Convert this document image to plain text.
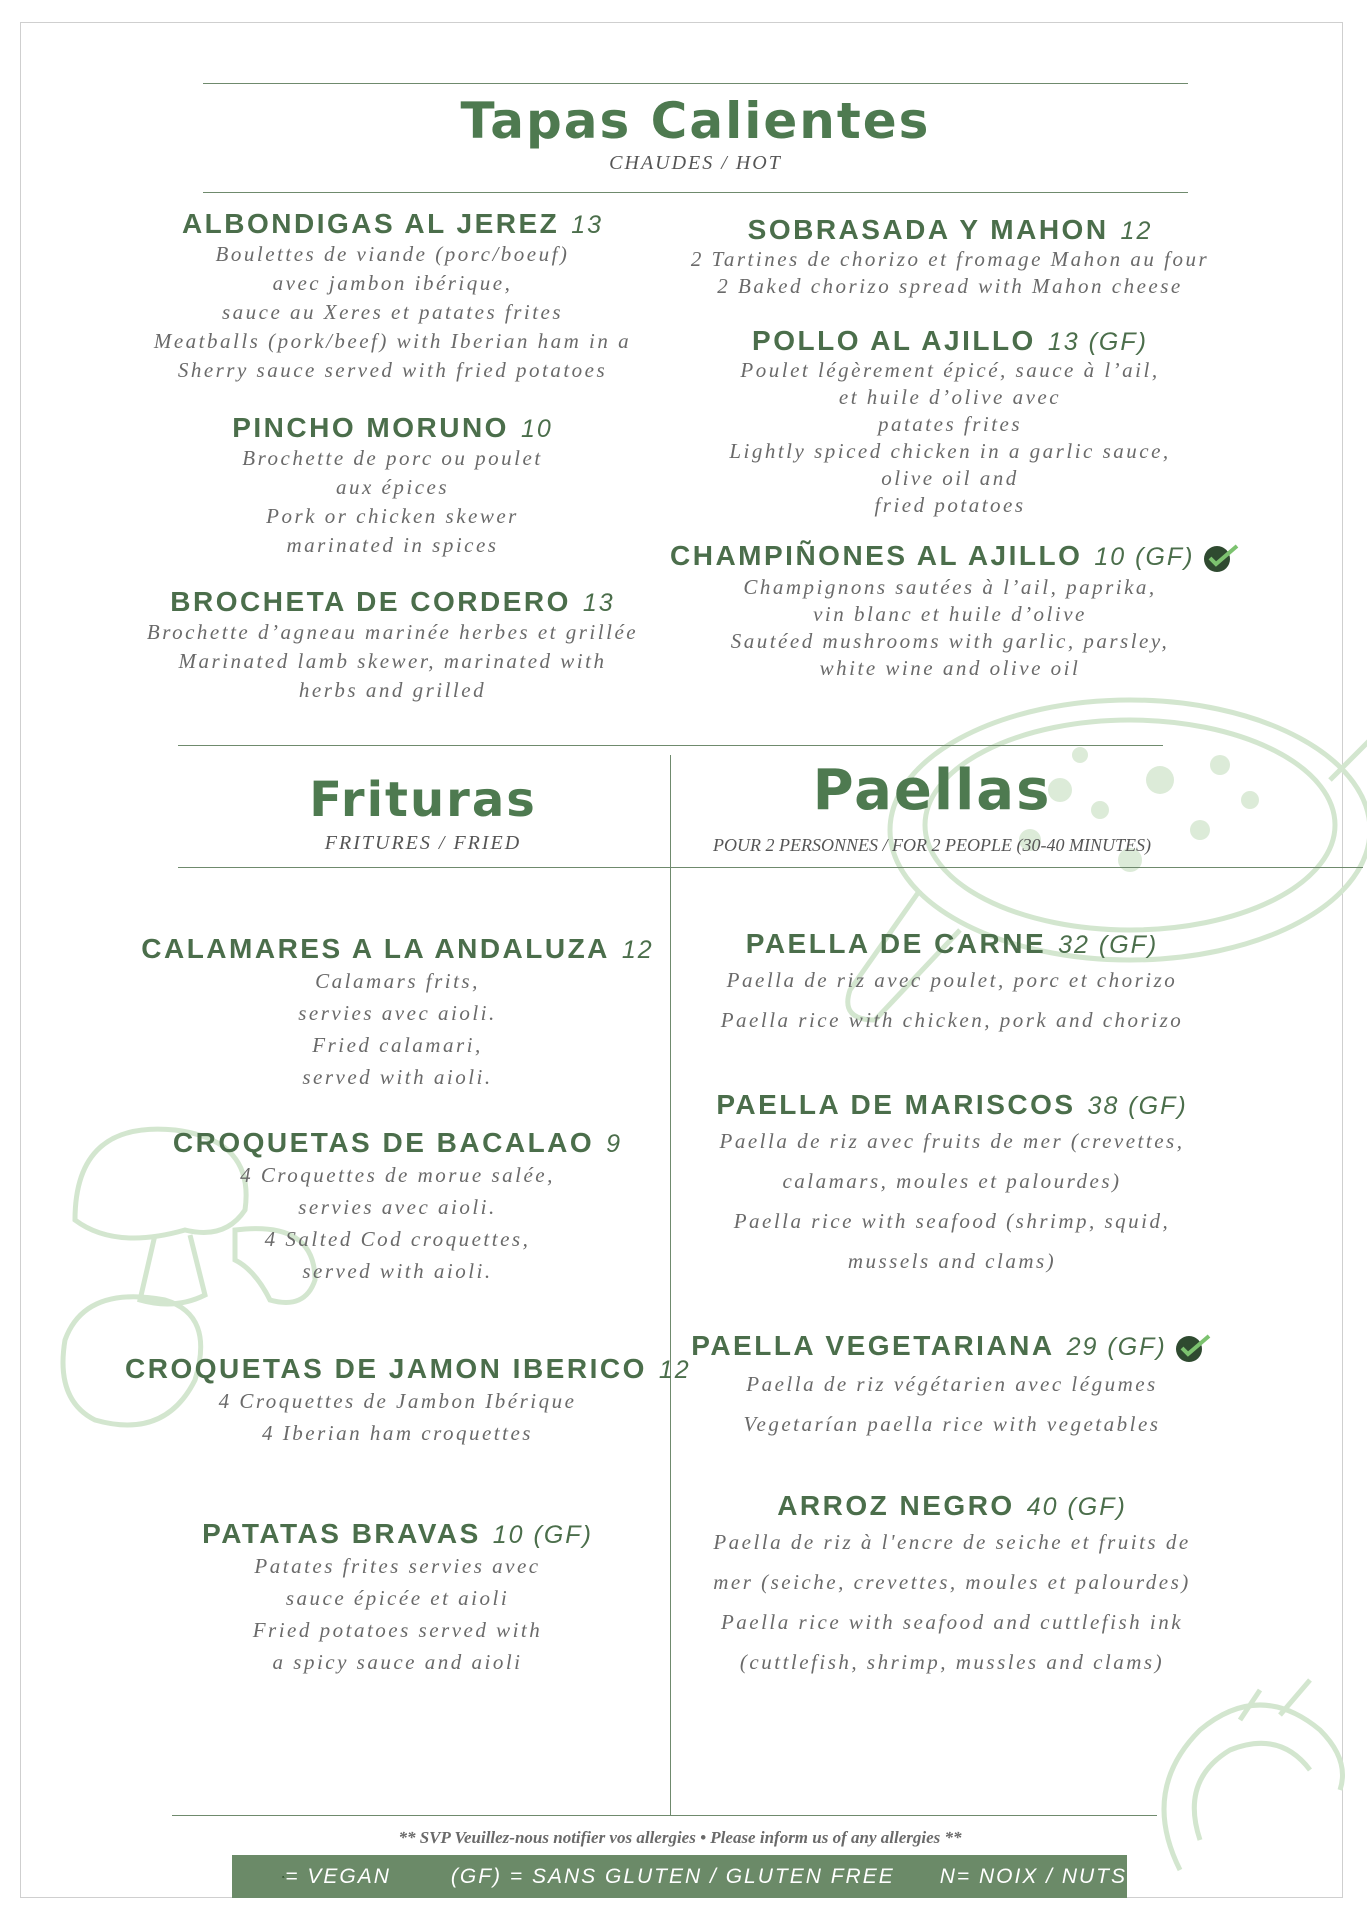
Tapas Calientes
CHAUDES / HOT
ALBONDIGAS AL JEREZ 13
Boulettes de viande (porc/boeuf)
avec jambon ibérique,
sauce au Xeres et patates frites
Meatballs (pork/beef) with Iberian ham in a
Sherry sauce served with fried potatoes
PINCHO MORUNO 10
Brochette de porc ou poulet
aux épices
Pork or chicken skewer
marinated in spices
BROCHETA DE CORDERO 13
Brochette d’agneau marinée herbes et grillée
Marinated lamb skewer, marinated with
herbs and grilled
SOBRASADA Y MAHON 12
2 Tartines de chorizo et fromage Mahon au four
2 Baked chorizo spread with Mahon cheese
POLLO AL AJILLO 13 (GF)
Poulet légèrement épicé, sauce à l’ail,
et huile d’olive avec
patates frites
Lightly spiced chicken in a garlic sauce,
olive oil and
fried potatoes
CHAMPIÑONES AL AJILLO 10 (GF)
Champignons sautées à l’ail, paprika,
vin blanc et huile d’olive
Sautéed mushrooms with garlic, parsley,
white wine and olive oil
Frituras
FRITURES / FRIED
Paellas
POUR 2 PERSONNES / FOR 2 PEOPLE (30-40 MINUTES)
CALAMARES A LA ANDALUZA 12
Calamars frits,
servies avec aioli.
Fried calamari,
served with aioli.
CROQUETAS DE BACALAO 9
4 Croquettes de morue salée,
servies avec aioli.
4 Salted Cod croquettes,
served with aioli.
CROQUETAS DE JAMON IBERICO 12
4 Croquettes de Jambon Ibérique
4 Iberian ham croquettes
PATATAS BRAVAS 10 (GF)
Patates frites servies avec
sauce épicée et aioli
Fried potatoes served with
a spicy sauce and aioli
PAELLA DE CARNE 32 (GF)
Paella de riz avec poulet, porc et chorizo
Paella rice with chicken, pork and chorizo
PAELLA DE MARISCOS 38 (GF)
Paella de riz avec fruits de mer (crevettes,
calamars, moules et palourdes)
Paella rice with seafood (shrimp, squid,
mussels and clams)
PAELLA VEGETARIANA 29 (GF)
Paella de riz végétarien avec légumes
Vegetarían paella rice with vegetables
ARROZ NEGRO 40 (GF)
Paella de riz à l'encre de seiche et fruits de
mer (seiche, crevettes, moules et palourdes)
Paella rice with seafood and cuttlefish ink
(cuttlefish, shrimp, mussles and clams)
** SVP Veuillez-nous notifier vos allergies • Please inform us of any allergies **
= VEGAN	(GF) = SANS GLUTEN / GLUTEN FREE N= NOIX / NUTS
